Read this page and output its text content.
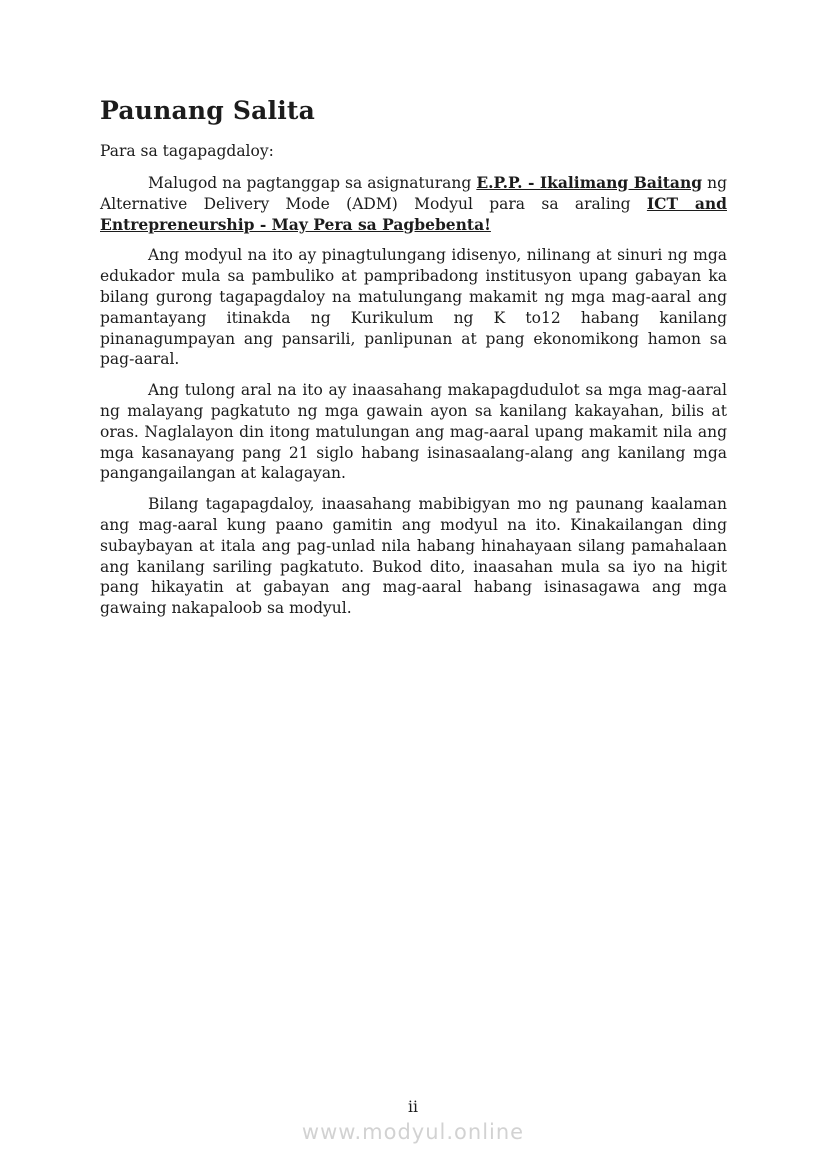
Paunang Salita

Para sa tagapagdaloy:

Malugod na pagtanggap sa asignaturang E.P.P. - Ikalimang Baitang ng Alternative Delivery Mode (ADM) Modyul para sa araling ICT and Entrepreneurship - May Pera sa Pagbebenta!

Ang modyul na ito ay pinagtulungang idisenyo, nilinang at sinuri ng mga edukador mula sa pambuliko at pampribadong institusyon upang gabayan ka bilang gurong tagapagdaloy na matulungang makamit ng mga mag-aaral ang pamantayang itinakda ng Kurikulum ng K to12 habang kanilang pinanagumpayan ang pansarili, panlipunan at pang ekonomikong hamon sa pag-aaral.

Ang tulong aral na ito ay inaasahang makapagdudulot sa mga mag-aaral ng malayang pagkatuto ng mga gawain ayon sa kanilang kakayahan, bilis at oras. Naglalayon din itong matulungan ang mag-aaral upang makamit nila ang mga kasanayang pang 21 siglo habang isinasaalang-alang ang kanilang mga pangangailangan at kalagayan.

Bilang tagapagdaloy, inaasahang mabibigyan mo ng paunang kaalaman ang mag-aaral kung paano gamitin ang modyul na ito. Kinakailangan ding subaybayan at itala ang pag-unlad nila habang hinahayaan silang pamahalaan ang kanilang sariling pagkatuto. Bukod dito, inaasahan mula sa iyo na higit pang hikayatin at gabayan ang mag-aaral habang isinasagawa ang mga gawaing nakapaloob sa modyul.

ii
www.modyul.online
